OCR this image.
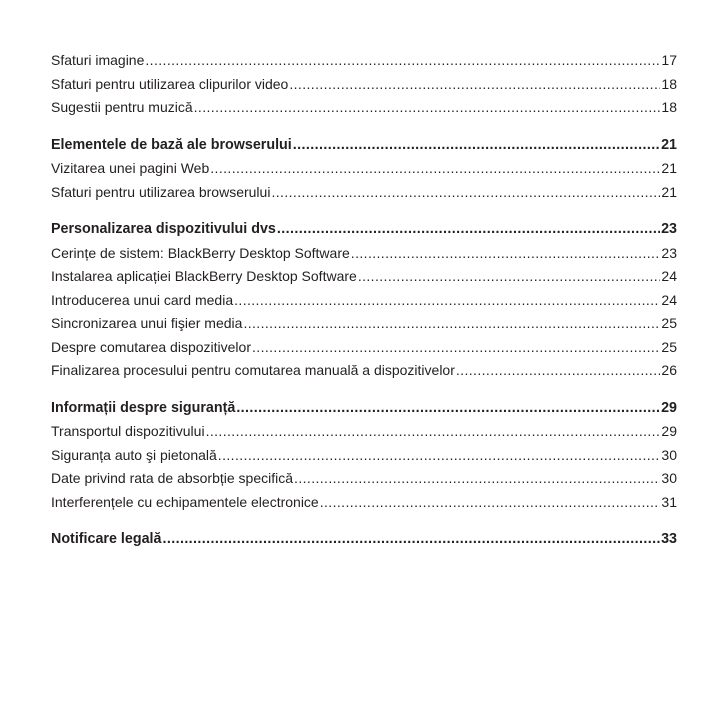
Sfaturi imagine .....	17
Sfaturi pentru utilizarea clipurilor video .....	18
Sugestii pentru muzică .....	18
Elementele de bază ale browserului .....	21
Vizitarea unei pagini Web .....	21
Sfaturi pentru utilizarea browserului .....	21
Personalizarea dispozitivului dvs .....	23
Cerințe de sistem: BlackBerry Desktop Software .....	23
Instalarea aplicației BlackBerry Desktop Software .....	24
Introducerea unui card media .....	24
Sincronizarea unui fişier media .....	25
Despre comutarea dispozitivelor .....	25
Finalizarea procesului pentru comutarea manuală a dispozitivelor .....	26
Informații despre siguranță .....	29
Transportul dispozitivului .....	29
Siguranța auto şi pietonală .....	30
Date privind rata de absorbție specifică .....	30
Interferențele cu echipamentele electronice .....	31
Notificare legală .....	33
